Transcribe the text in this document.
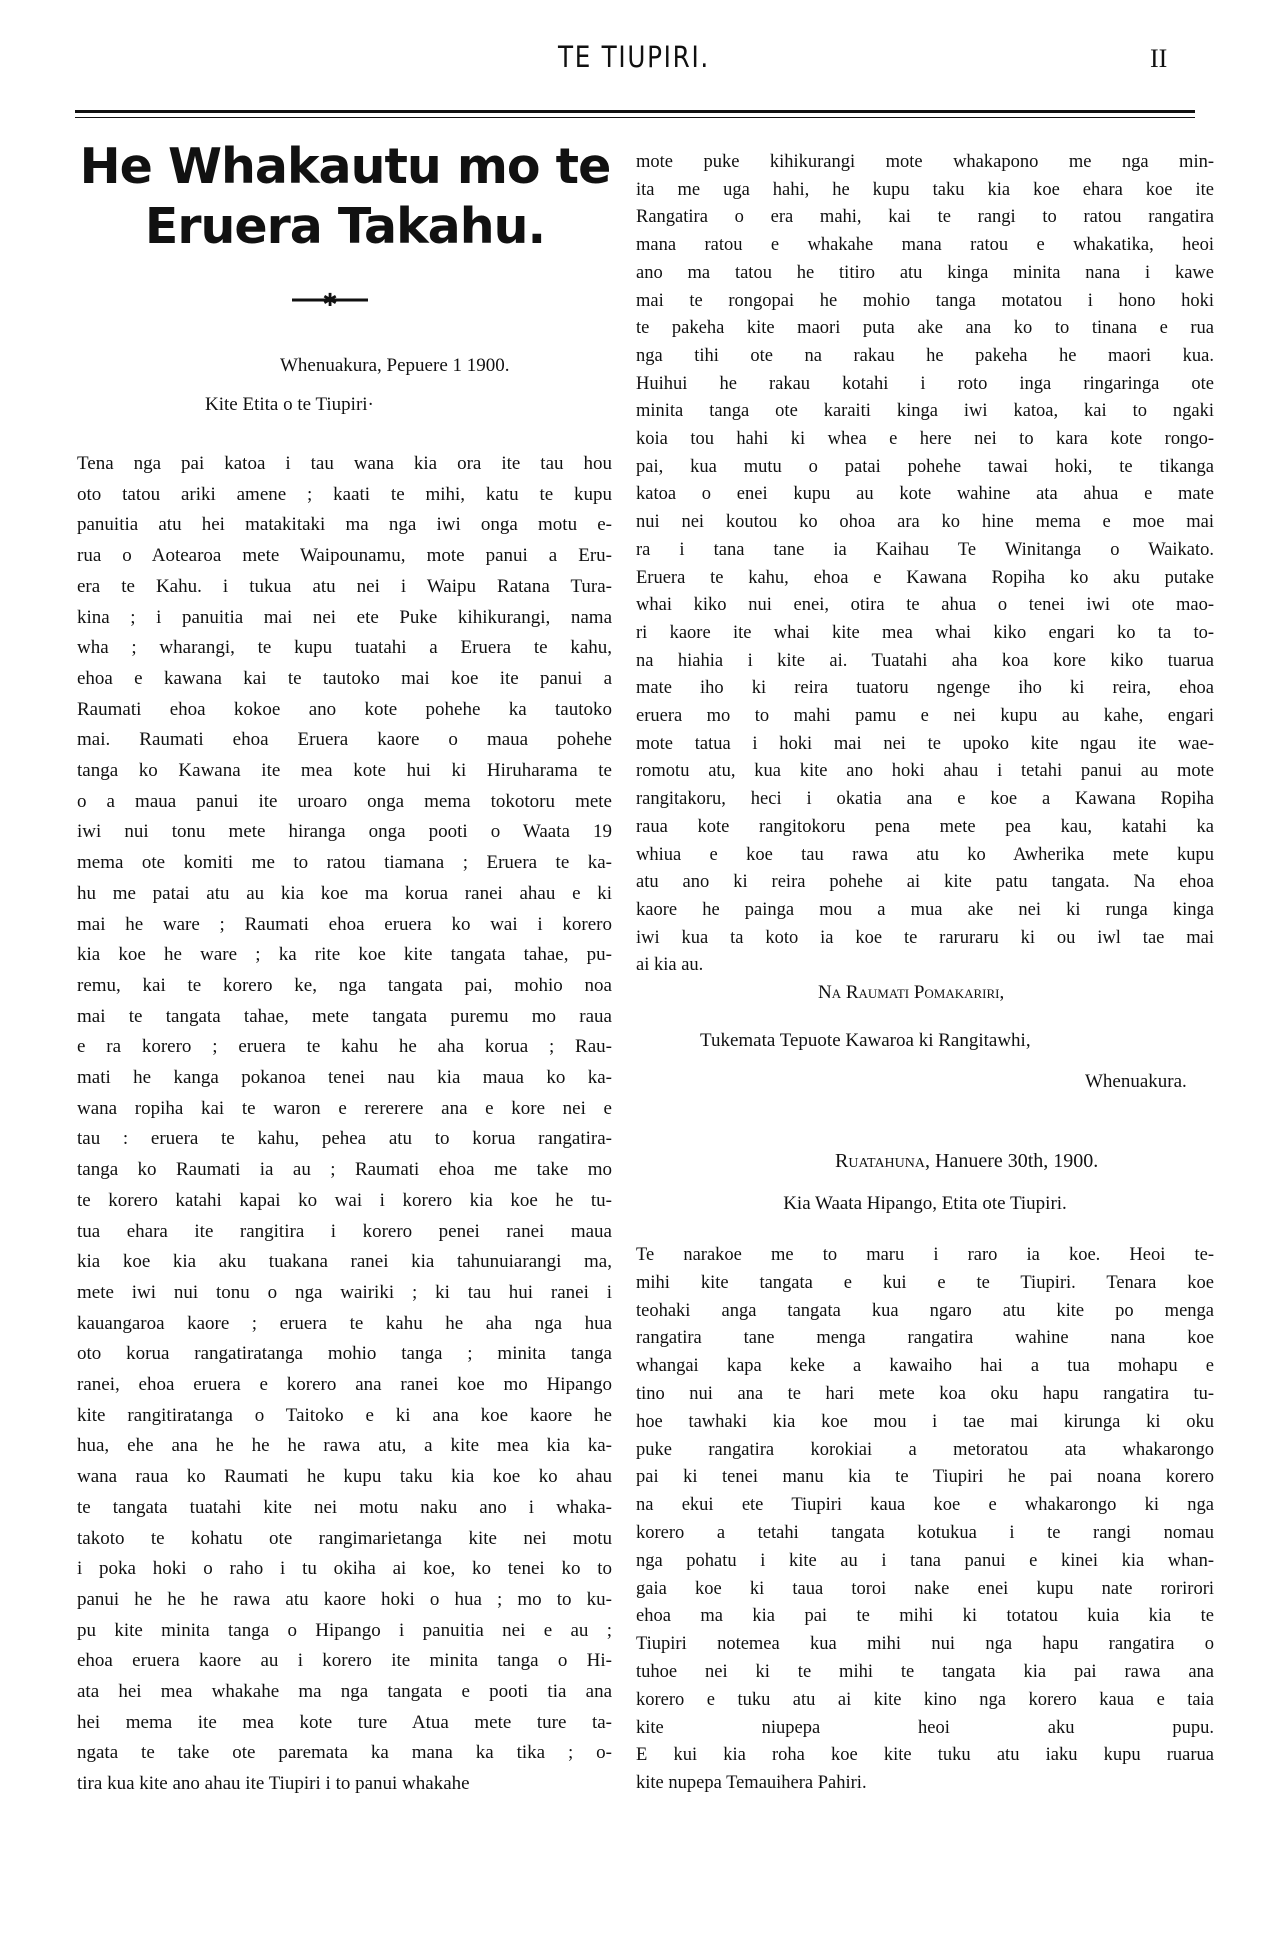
TE TIUPIRI.	II
He Whakautu mo te
Eruera Takahu.
✱
Whenuakura, Pepuere 1 1900.
Kite Etita o te Tiupiri·
Tena nga pai katoa i tau wana kia ora ite tau hou
oto tatou ariki amene ; kaati te mihi, katu te kupu
panuitia atu hei matakitaki ma nga iwi onga motu e-
rua o Aotearoa mete Waipounamu, mote panui a Eru-
era te Kahu. i tukua atu nei i Waipu Ratana Tura-
kina ; i panuitia mai nei ete Puke kihikurangi, nama
wha ; wharangi, te kupu tuatahi a Eruera te kahu,
ehoa e kawana kai te tautoko mai koe ite panui a
Raumati ehoa kokoe ano kote pohehe ka tautoko
mai. Raumati ehoa Eruera kaore o maua pohehe
tanga ko Kawana ite mea kote hui ki Hiruharama te
o a maua panui ite uroaro onga mema tokotoru mete
iwi nui tonu mete hiranga onga pooti o Waata 19
mema ote komiti me to ratou tiamana ; Eruera te ka-
hu me patai atu au kia koe ma korua ranei ahau e ki
mai he ware ; Raumati ehoa eruera ko wai i korero
kia koe he ware ; ka rite koe kite tangata tahae, pu-
remu, kai te korero ke, nga tangata pai, mohio noa
mai te tangata tahae, mete tangata puremu mo raua
e ra korero ; eruera te kahu he aha korua ; Rau-
mati he kanga pokanoa tenei nau kia maua ko ka-
wana ropiha kai te waron e rererere ana e kore nei e
tau : eruera te kahu, pehea atu to korua rangatira-
tanga ko Raumati ia au ; Raumati ehoa me take mo
te korero katahi kapai ko wai i korero kia koe he tu-
tua ehara ite rangitira i korero penei ranei maua
kia koe kia aku tuakana ranei kia tahunuiarangi ma,
mete iwi nui tonu o nga wairiki ; ki tau hui ranei i
kauangaroa kaore ; eruera te kahu he aha nga hua
oto korua rangatiratanga mohio tanga ; minita tanga
ranei, ehoa eruera e korero ana ranei koe mo Hipango
kite rangitiratanga o Taitoko e ki ana koe kaore he
hua, ehe ana he he he rawa atu, a kite mea kia ka-
wana raua ko Raumati he kupu taku kia koe ko ahau
te tangata tuatahi kite nei motu naku ano i whaka-
takoto te kohatu ote rangimarietanga kite nei motu
i poka hoki o raho i tu okiha ai koe, ko tenei ko to
panui he he he rawa atu kaore hoki o hua ; mo to ku-
pu kite minita tanga o Hipango i panuitia nei e au ;
ehoa eruera kaore au i korero ite minita tanga o Hi-
ata hei mea whakahe ma nga tangata e pooti tia ana
hei mema ite mea kote ture Atua mete ture ta-
ngata te take ote paremata ka mana ka tika ; o-
tira kua kite ano ahau ite Tiupiri i to panui whakahe
mote puke kihikurangi mote whakapono me nga min-
ita me uga hahi, he kupu taku kia koe ehara koe ite
Rangatira o era mahi, kai te rangi to ratou rangatira
mana ratou e whakahe mana ratou e whakatika, heoi
ano ma tatou he titiro atu kinga minita nana i kawe
mai te rongopai he mohio tanga motatou i hono hoki
te pakeha kite maori puta ake ana ko to tinana e rua
nga tihi ote na rakau he pakeha he maori kua.
Huihui he rakau kotahi i roto inga ringaringa ote
minita tanga ote karaiti kinga iwi katoa, kai to ngaki
koia tou hahi ki whea e here nei to kara kote rongo-
pai, kua mutu o patai pohehe tawai hoki, te tikanga
katoa o enei kupu au kote wahine ata ahua e mate
nui nei koutou ko ohoa ara ko hine mema e moe mai
ra i tana tane ia Kaihau Te Winitanga o Waikato.
Eruera te kahu, ehoa e Kawana Ropiha ko aku putake
whai kiko nui enei, otira te ahua o tenei iwi ote mao-
ri kaore ite whai kite mea whai kiko engari ko ta to-
na hiahia i kite ai. Tuatahi aha koa kore kiko tuarua
mate iho ki reira tuatoru ngenge iho ki reira, ehoa
eruera mo to mahi pamu e nei kupu au kahe, engari
mote tatua i hoki mai nei te upoko kite ngau ite wae-
romotu atu, kua kite ano hoki ahau i tetahi panui au mote
rangitakoru, heci i okatia ana e koe a Kawana Ropiha
raua kote rangitokoru pena mete pea kau, katahi ka
whiua e koe tau rawa atu ko Awherika mete kupu
atu ano ki reira pohehe ai kite patu tangata. Na ehoa
kaore he painga mou a mua ake nei ki runga kinga
iwi kua ta koto ia koe te raruraru ki ou iwl tae mai
ai kia au.
Na Raumati Pomakariri,
Tukemata Tepuote Kawaroa ki Rangitawhi,
Whenuakura.
Ruatahuna, Hanuere 30th, 1900.
Kia Waata Hipango, Etita ote Tiupiri.
Te narakoe me to maru i raro ia koe. Heoi te-
mihi kite tangata e kui e te Tiupiri. Tenara koe
teohaki anga tangata kua ngaro atu kite po menga
rangatira tane menga rangatira wahine nana koe
whangai kapa keke a kawaiho hai a tua mohapu e
tino nui ana te hari mete koa oku hapu rangatira tu-
hoe tawhaki kia koe mou i tae mai kirunga ki oku
puke rangatira korokiai a metoratou ata whakarongo
pai ki tenei manu kia te Tiupiri he pai noana korero
na ekui ete Tiupiri kaua koe e whakarongo ki nga
korero a tetahi tangata kotukua i te rangi nomau
nga pohatu i kite au i tana panui e kinei kia whan-
gaia koe ki taua toroi nake enei kupu nate rorirori
ehoa ma kia pai te mihi ki totatou kuia kia te
Tiupiri notemea kua mihi nui nga hapu rangatira o
tuhoe nei ki te mihi te tangata kia pai rawa ana
korero e tuku atu ai kite kino nga korero kaua e taia
kite niupepa heoi aku pupu.
E kui kia roha koe kite tuku atu iaku kupu ruarua
kite nupepa Temauihera Pahiri.
